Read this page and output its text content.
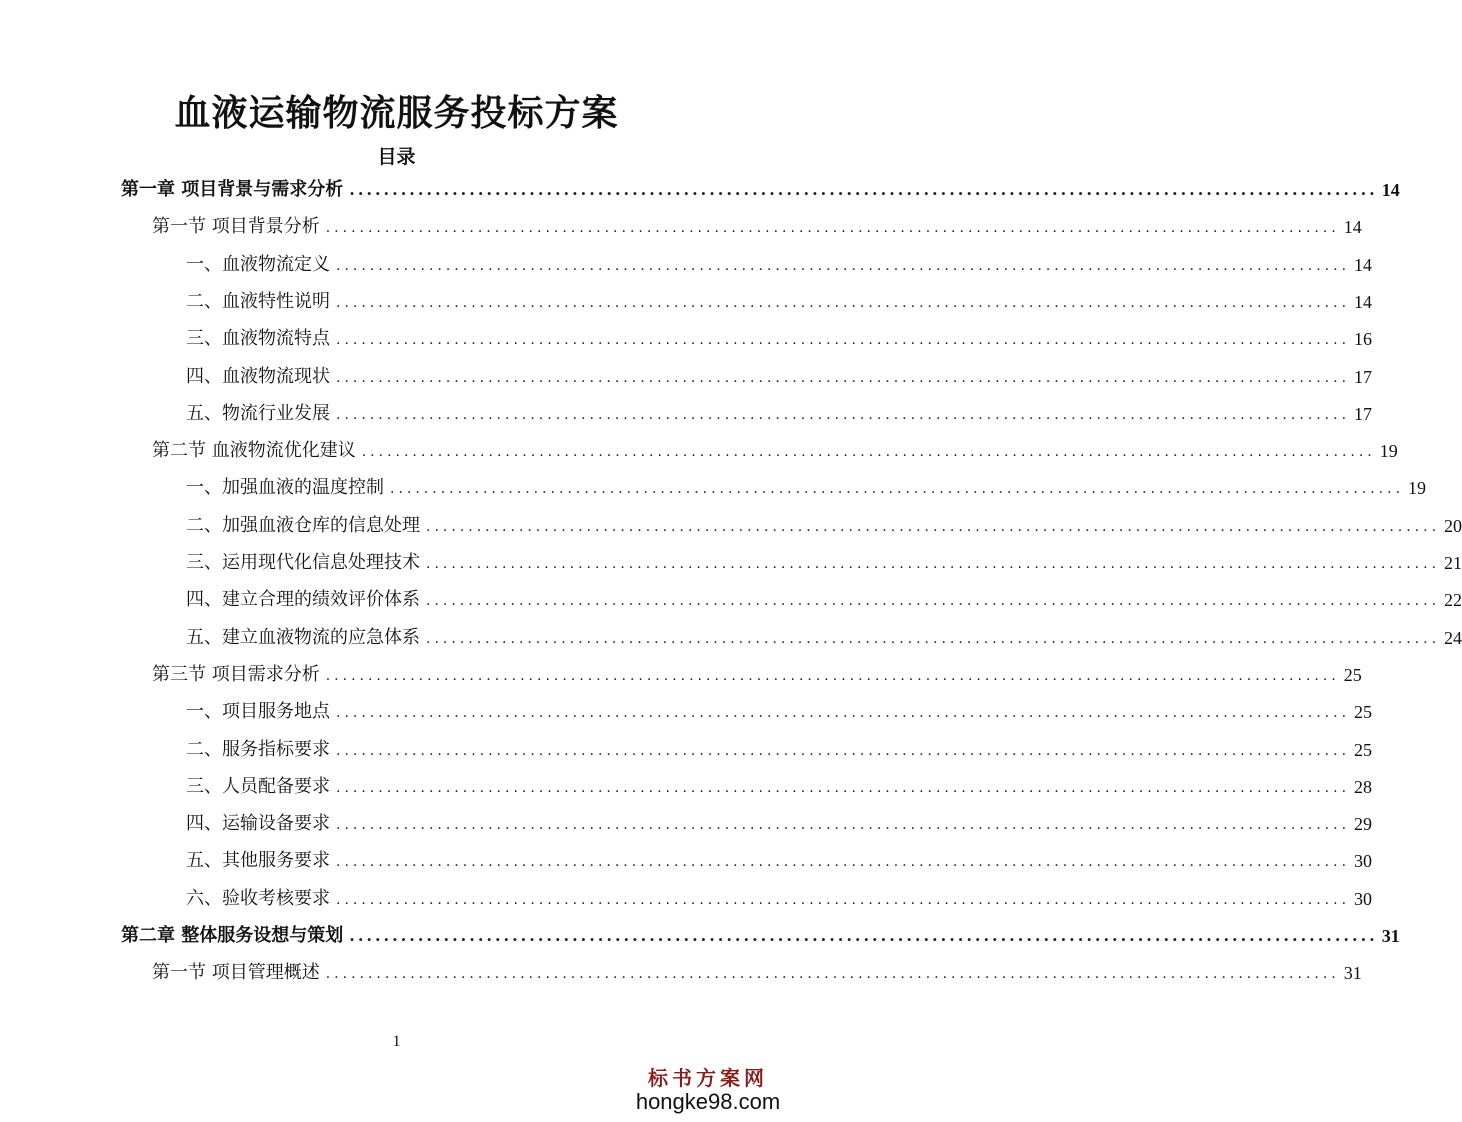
血液运输物流服务投标方案
目录
第一章 项目背景与需求分析 ........................................................................................................................ 14
第一节 项目背景分析 ........................................................................................................................ 14
一、血液物流定义 ........................................................................................................................ 14
二、血液特性说明 ........................................................................................................................ 14
三、血液物流特点 ........................................................................................................................ 16
四、血液物流现状 ........................................................................................................................ 17
五、物流行业发展 ........................................................................................................................ 17
第二节 血液物流优化建议 ........................................................................................................................ 19
一、加强血液的温度控制 ........................................................................................................................ 19
二、加强血液仓库的信息处理 ........................................................................................................................ 20
三、运用现代化信息处理技术 ........................................................................................................................ 21
四、建立合理的绩效评价体系 ........................................................................................................................ 22
五、建立血液物流的应急体系 ........................................................................................................................ 24
第三节 项目需求分析 ........................................................................................................................ 25
一、项目服务地点 ........................................................................................................................ 25
二、服务指标要求 ........................................................................................................................ 25
三、人员配备要求 ........................................................................................................................ 28
四、运输设备要求 ........................................................................................................................ 29
五、其他服务要求 ........................................................................................................................ 30
六、验收考核要求 ........................................................................................................................ 30
第二章 整体服务设想与策划 ........................................................................................................................ 31
第一节 项目管理概述 ........................................................................................................................ 31
1
标书方案网
hongke98.com
